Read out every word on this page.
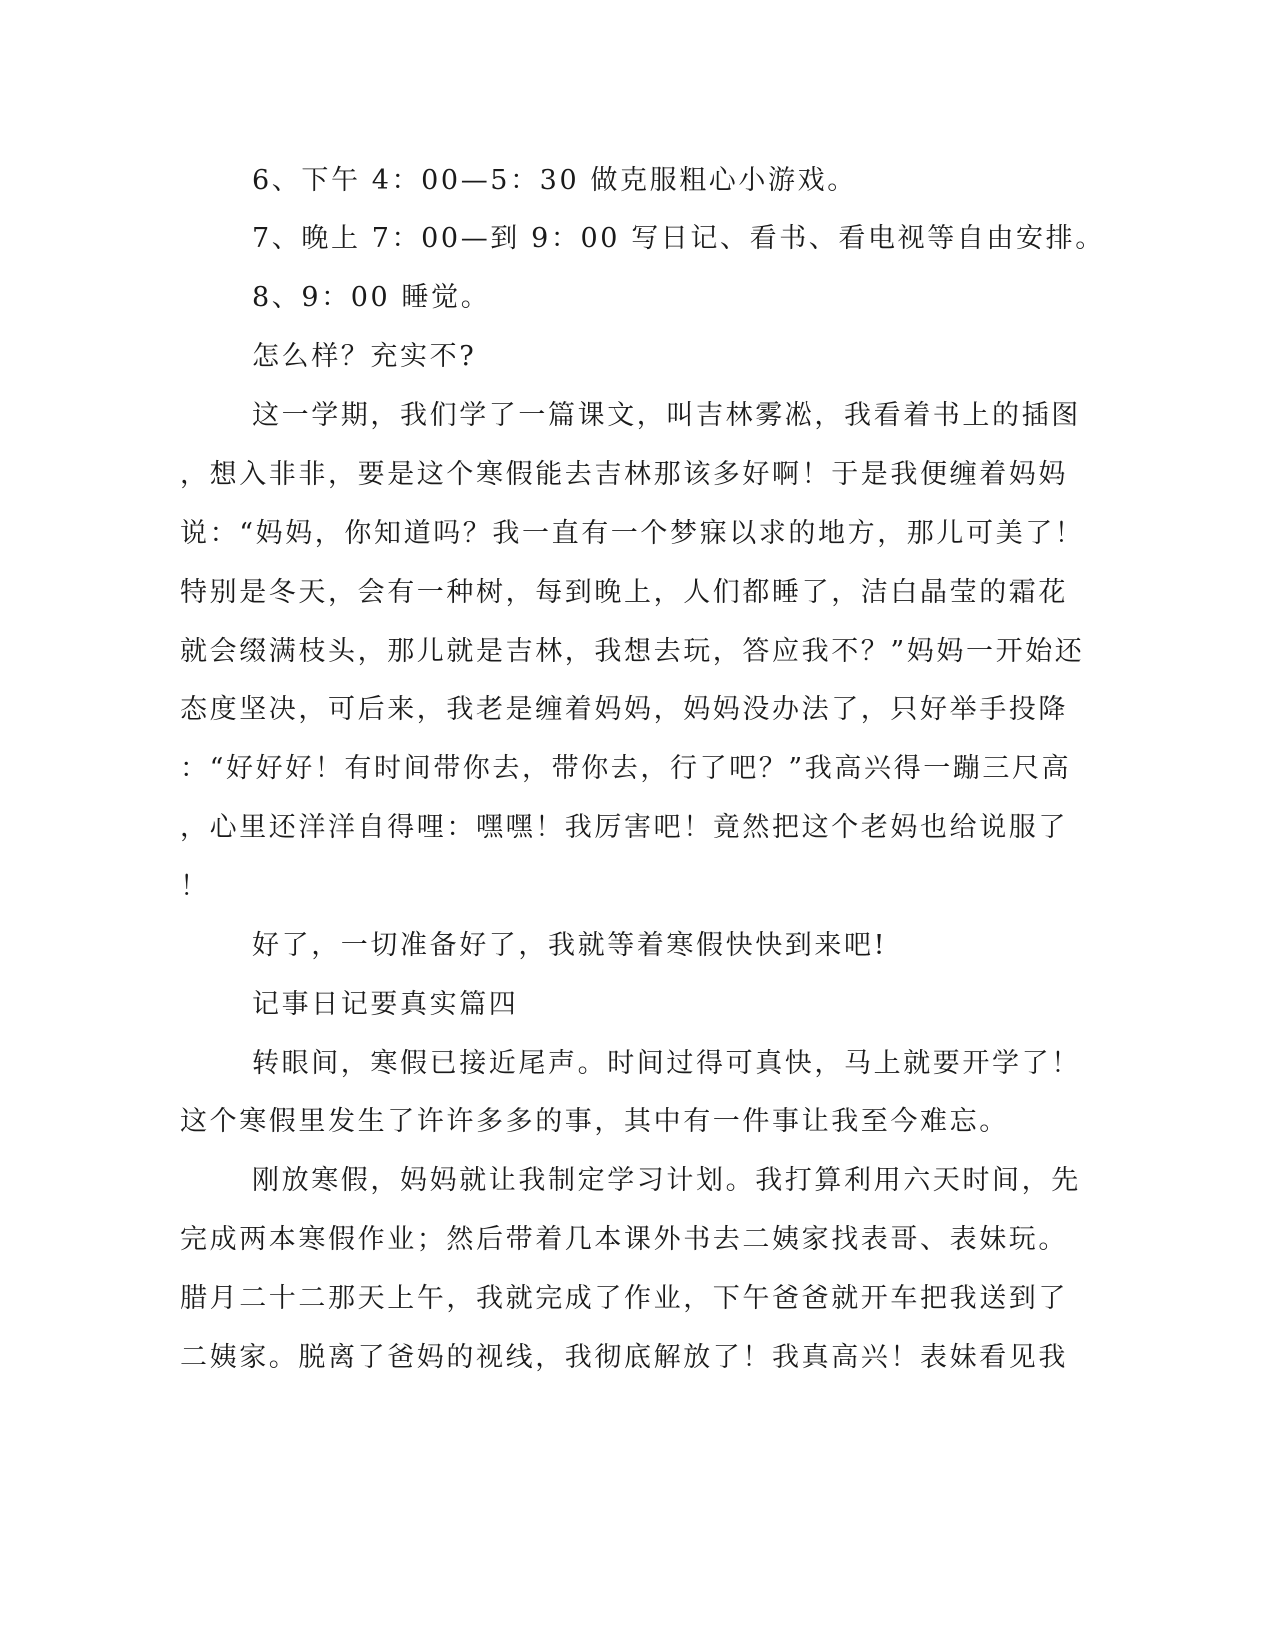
6、下午 4：00—5：30 做克服粗心小游戏。

7、晚上 7：00—到 9：00 写日记、看书、看电视等自由安排。

8、9：00 睡觉。

怎么样？充实不?

这一学期，我们学了一篇课文，叫吉林雾凇，我看着书上的插图

，想入非非，要是这个寒假能去吉林那该多好啊！于是我便缠着妈妈

说：“妈妈，你知道吗？我一直有一个梦寐以求的地方，那儿可美了！

特别是冬天，会有一种树，每到晚上，人们都睡了，洁白晶莹的霜花

就会缀满枝头，那儿就是吉林，我想去玩，答应我不？”妈妈一开始还

态度坚决，可后来，我老是缠着妈妈，妈妈没办法了，只好举手投降

：“好好好！有时间带你去，带你去，行了吧？”我高兴得一蹦三尺高

，心里还洋洋自得哩：嘿嘿！我厉害吧！竟然把这个老妈也给说服了

！

好了，一切准备好了，我就等着寒假快快到来吧!

记事日记要真实篇四

转眼间，寒假已接近尾声。时间过得可真快，马上就要开学了！

这个寒假里发生了许许多多的事，其中有一件事让我至今难忘。

刚放寒假，妈妈就让我制定学习计划。我打算利用六天时间，先

完成两本寒假作业；然后带着几本课外书去二姨家找表哥、表妹玩。

腊月二十二那天上午，我就完成了作业，下午爸爸就开车把我送到了

二姨家。脱离了爸妈的视线，我彻底解放了！我真高兴！表妹看见我
